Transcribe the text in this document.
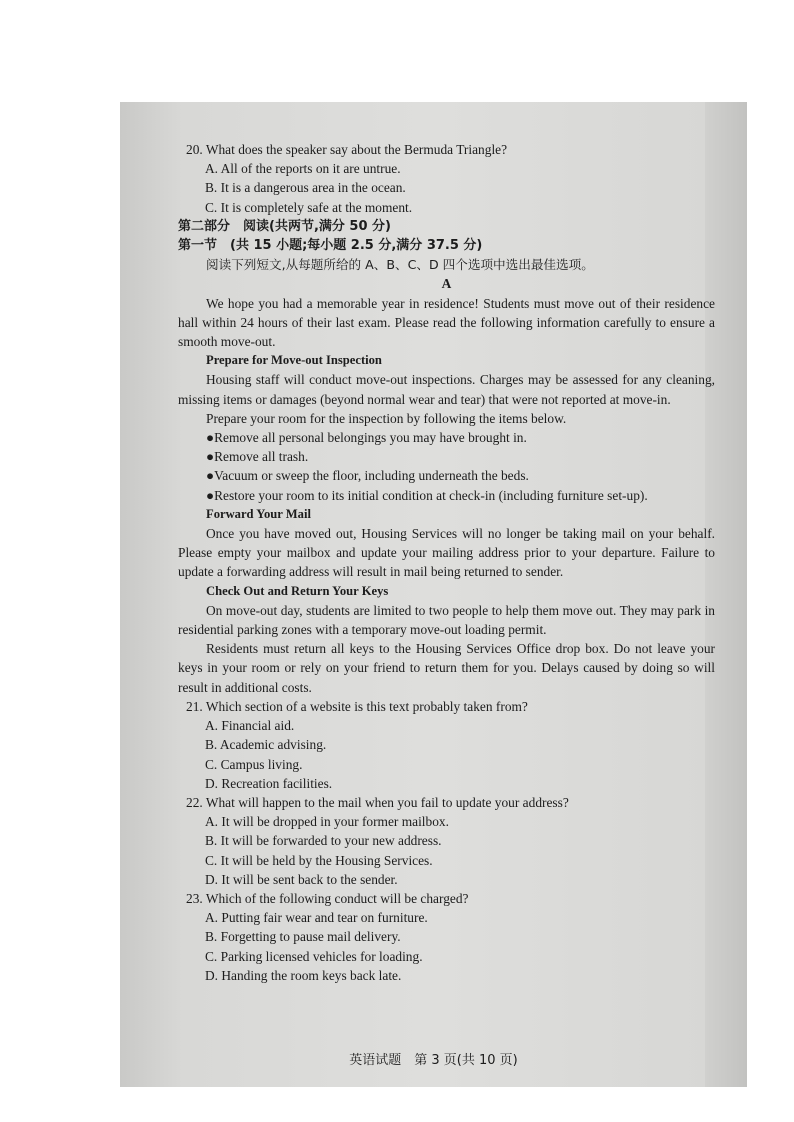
20. What does the speaker say about the Bermuda Triangle?
A. All of the reports on it are untrue.
B. It is a dangerous area in the ocean.
C. It is completely safe at the moment.
第二部分　阅读(共两节,满分 50 分)
第一节　(共 15 小题;每小题 2.5 分,满分 37.5 分)
阅读下列短文,从每题所给的 A、B、C、D 四个选项中选出最佳选项。
A
We hope you had a memorable year in residence! Students must move out of their residence hall within 24 hours of their last exam. Please read the following information carefully to ensure a smooth move-out.
Prepare for Move-out Inspection
Housing staff will conduct move-out inspections. Charges may be assessed for any cleaning, missing items or damages (beyond normal wear and tear) that were not reported at move-in.
Prepare your room for the inspection by following the items below.
●Remove all personal belongings you may have brought in.
●Remove all trash.
●Vacuum or sweep the floor, including underneath the beds.
●Restore your room to its initial condition at check-in (including furniture set-up).
Forward Your Mail
Once you have moved out, Housing Services will no longer be taking mail on your behalf. Please empty your mailbox and update your mailing address prior to your departure. Failure to update a forwarding address will result in mail being returned to sender.
Check Out and Return Your Keys
On move-out day, students are limited to two people to help them move out. They may park in residential parking zones with a temporary move-out loading permit.
Residents must return all keys to the Housing Services Office drop box. Do not leave your keys in your room or rely on your friend to return them for you. Delays caused by doing so will result in additional costs.
21. Which section of a website is this text probably taken from?
A. Financial aid.
B. Academic advising.
C. Campus living.
D. Recreation facilities.
22. What will happen to the mail when you fail to update your address?
A. It will be dropped in your former mailbox.
B. It will be forwarded to your new address.
C. It will be held by the Housing Services.
D. It will be sent back to the sender.
23. Which of the following conduct will be charged?
A. Putting fair wear and tear on furniture.
B. Forgetting to pause mail delivery.
C. Parking licensed vehicles for loading.
D. Handing the room keys back late.
英语试题　第 3 页(共 10 页)
